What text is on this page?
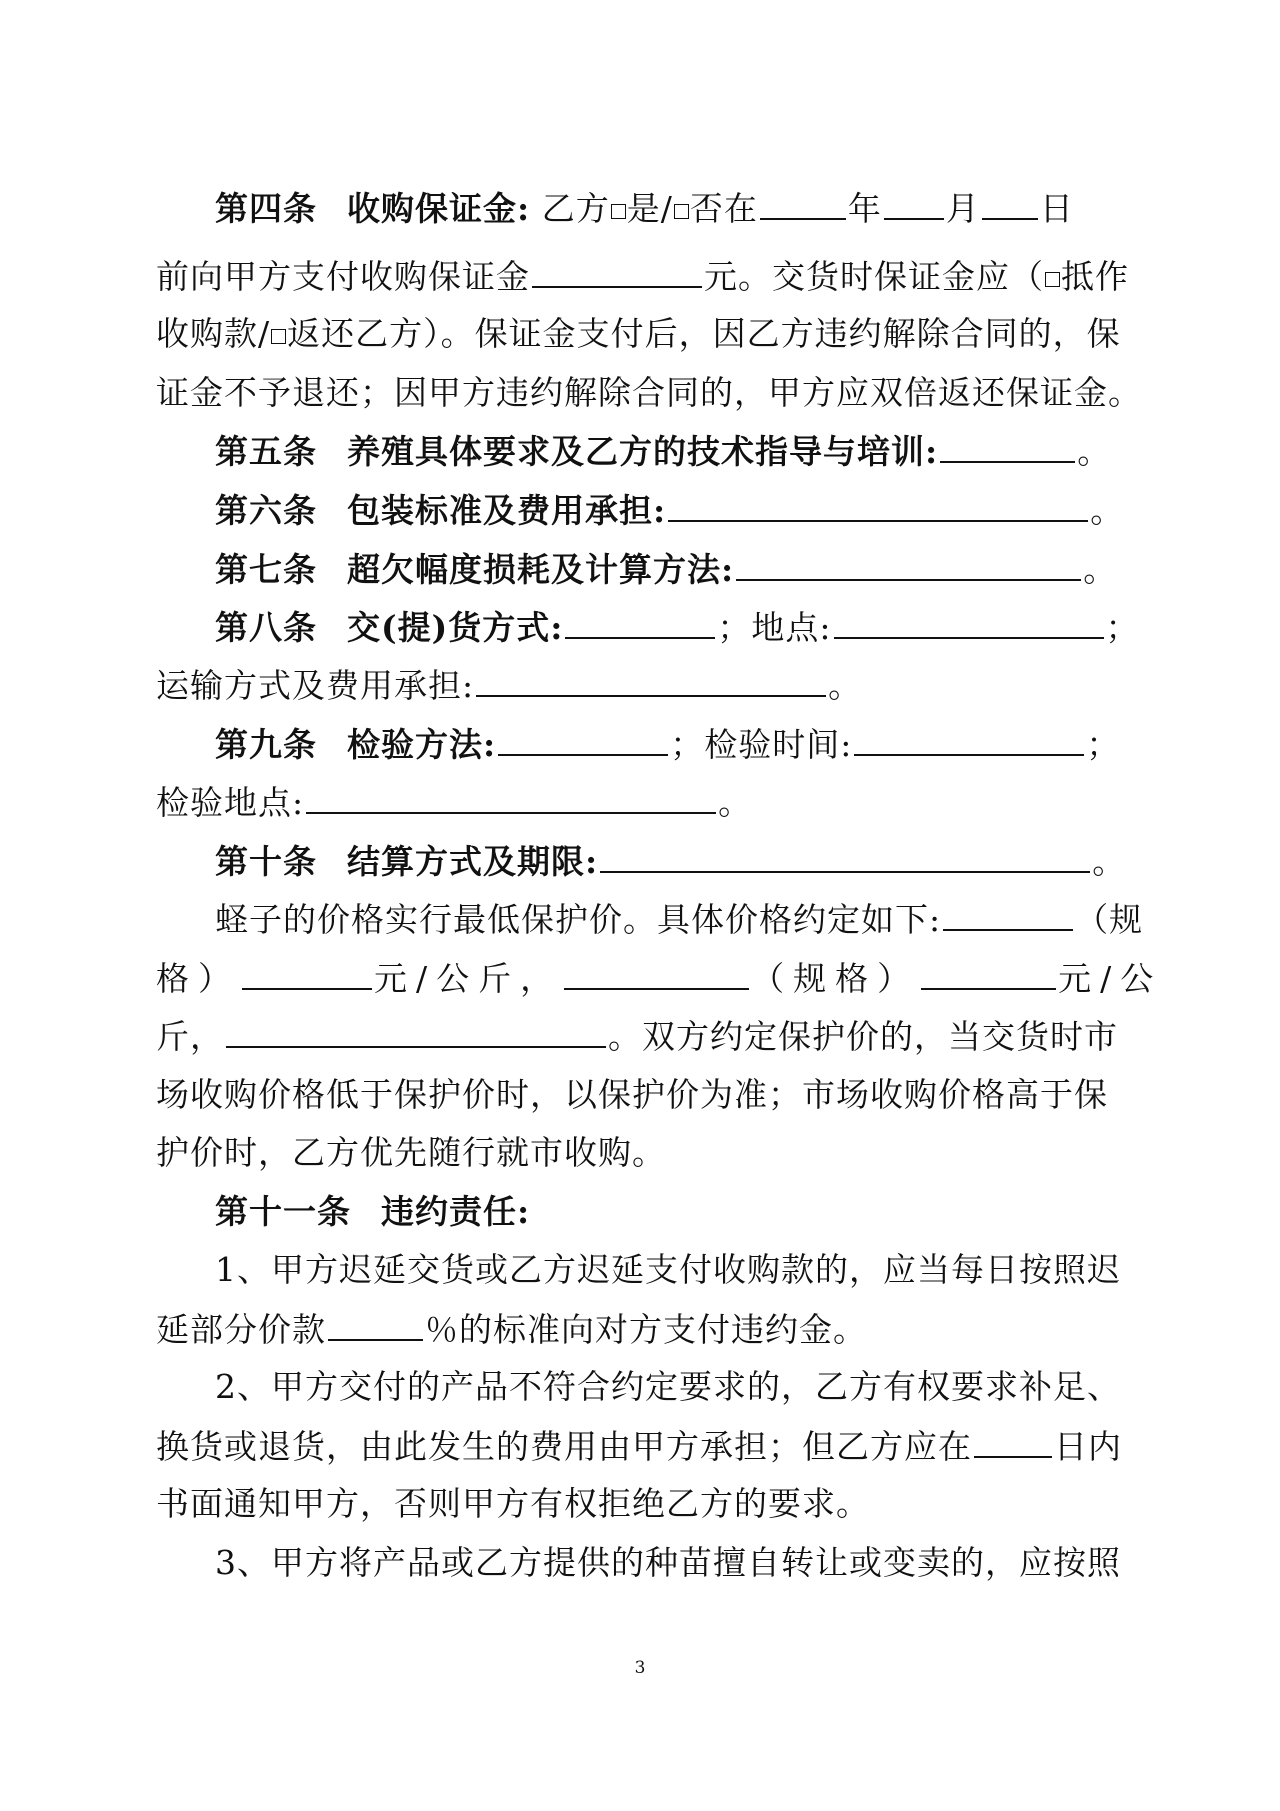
第四条 收购保证金: 乙方 是/ 否在	年 月 日
前向甲方支付收购保证金	元。交货时保证金应（ 抵作
收购款/ 返还乙方）。保证金支付后，因乙方违约解除合同的，保
证金不予退还；因甲方违约解除合同的，甲方应双倍返还保证金。
第五条 养殖具体要求及乙方的技术指导与培训:	。
第六条 包装标准及费用承担:	。
第七条 超欠幅度损耗及计算方法:	。
第八条 交(提)货方式:	；地点:	；
运输方式及费用承担:	。
第九条 检验方法:	；检验时间:	；
检验地点:	。
第十条 结算方式及期限:	。
蛏子的价格实行最低保护价。具体价格约定如下:	（规
格）	元/公斤，	（规格）	元/公
斤，	。双方约定保护价的，当交货时市
场收购价格低于保护价时，以保护价为准；市场收购价格高于保
护价时，乙方优先随行就市收购。
第十一条 违约责任:
1、甲方迟延交货或乙方迟延支付收购款的，应当每日按照迟
延部分价款	％的标准向对方支付违约金。
2、甲方交付的产品不符合约定要求的，乙方有权要求补足、
换货或退货，由此发生的费用由甲方承担；但乙方应在 日内
书面通知甲方，否则甲方有权拒绝乙方的要求。
3、甲方将产品或乙方提供的种苗擅自转让或变卖的，应按照
3
